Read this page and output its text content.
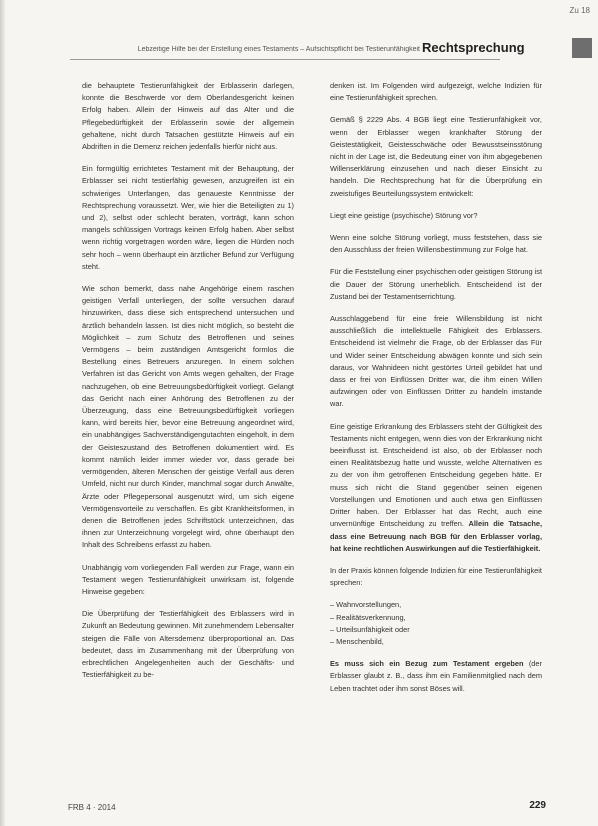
Zu 18
Lebzeitige Hilfe bei der Erstellung eines Testaments – Aufsichtspflicht bei Testierunfähigkeit Rechtsprechung

die behauptete Testierunfähigkeit der Erblasserin darlegen, konnte die Beschwerde vor dem Oberlandesgericht keinen Erfolg haben. Allein der Hinweis auf das Alter und die Pflegebedürftigkeit der Erblasserin sowie der allgemein gehaltene, nicht durch Tatsachen gestützte Hinweis auf ein Abdriften in die Demenz reichen jedenfalls hierfür nicht aus.

Ein formgültig errichtetes Testament mit der Behauptung, der Erblasser sei nicht testierfähig gewesen, anzugreifen ist ein schwieriges Unterfangen, das genaueste Kenntnisse der Rechtsprechung voraussetzt. Wer, wie hier die Beteiligten zu 1) und 2), selbst oder schlecht beraten, vorträgt, kann schon mangels schlüssigen Vortrags keinen Erfolg haben. Aber selbst wenn richtig vorgetragen worden wäre, liegen die Hürden noch sehr hoch – wenn überhaupt ein ärztlicher Befund zur Verfügung steht.

Wie schon bemerkt, dass nahe Angehörige einem raschen geistigen Verfall unterliegen, der sollte versuchen darauf hinzuwirken, dass diese sich entsprechend untersuchen und ärztlich behandeln lassen. Ist dies nicht möglich, so besteht die Möglichkeit – zum Schutz des Betroffenen und seines Vermögens – beim zuständigen Amtsgericht formlos die Bestellung eines Betreuers anzuregen. In einem solchen Verfahren ist das Gericht von Amts wegen gehalten, der Frage nachzugehen, ob eine Betreuungsbedürftigkeit vorliegt. Gelangt das Gericht nach einer Anhörung des Betroffenen zu der Überzeugung, dass eine Betreuungsbedürftigkeit vorliegen kann, wird bereits hier, bevor eine Betreuung angeordnet wird, ein unabhängiges Sachverständigengutachten eingeholt, in dem der Geisteszustand des Betroffenen dokumentiert wird. Es kommt nämlich leider immer wieder vor, dass gerade bei vermögenden, älteren Menschen der geistige Verfall aus deren Umfeld, nicht nur durch Kinder, manchmal sogar durch Anwälte, Ärzte oder Pflegepersonal ausgenutzt wird, um sich eigene Vermögensvorteile zu verschaffen. Es gibt Krankheitsformen, in denen die Betroffenen jedes Schriftstück unterzeichnen, das ihnen zur Unterzeichnung vorgelegt wird, ohne überhaupt den Inhalt des Schreibens erfasst zu haben.

Unabhängig vom vorliegenden Fall werden zur Frage, wann ein Testament wegen Testierunfähigkeit unwirksam ist, folgende Hinweise gegeben:

Die Überprüfung der Testierfähigkeit des Erblassers wird in Zukunft an Bedeutung gewinnen. Mit zunehmendem Lebensalter steigen die Fälle von Altersdemenz überproportional an. Das bedeutet, dass im Zusammenhang mit der Überprüfung von erbrechtlichen Angelegenheiten auch der Geschäfts- und Testierfähigkeit zu be-

denken ist. Im Folgenden wird aufgezeigt, welche Indizien für eine Testierunfähigkeit sprechen.

Gemäß § 2229 Abs. 4 BGB liegt eine Testierunfähigkeit vor, wenn der Erblasser wegen krankhafter Störung der Geistestätigkeit, Geistesschwäche oder Bewusstseinsstörung nicht in der Lage ist, die Bedeutung einer von ihm abgegebenen Willenserklärung einzusehen und nach dieser Einsicht zu handeln. Die Rechtsprechung hat für die Überprüfung ein zweistufiges Beurteilungssystem entwickelt:

Liegt eine geistige (psychische) Störung vor?

Wenn eine solche Störung vorliegt, muss feststehen, dass sie den Ausschluss der freien Willensbestimmung zur Folge hat.

Für die Feststellung einer psychischen oder geistigen Störung ist die Dauer der Störung unerheblich. Entscheidend ist der Zustand bei der Testamentserrichtung.

Ausschlaggebend für eine freie Willensbildung ist nicht ausschließlich die intellektuelle Fähigkeit des Erblassers. Entscheidend ist vielmehr die Frage, ob der Erblasser das Für und Wider seiner Entscheidung abwägen konnte und sich sein daraus, vor Wahnideen nicht gestörtes Urteil gebildet hat und dass er frei von Einflüssen Dritter war, die ihm einen Willen aufzwingen oder von Einflüssen Dritter zu handeln imstande war.

Eine geistige Erkrankung des Erblassers steht der Gültigkeit des Testaments nicht entgegen, wenn dies von der Erkrankung nicht beeinflusst ist. Entscheidend ist also, ob der Erblasser noch einen Realitätsbezug hatte und wusste, welche Alternativen es zu der von ihm getroffenen Entscheidung gegeben hätte. Er muss sich nicht die Stand gegenüber seinen eigenen Vorstellungen und Emotionen und auch etwa gen Einflüssen Dritter haben. Der Erblasser hat das Recht, auch eine unvernünftige Entscheidung zu treffen. Allein die Tatsache, dass eine Betreuung nach BGB für den Erblasser vorlag, hat keine rechtlichen Auswirkungen auf die Testierfähigkeit.

In der Praxis können folgende Indizien für eine Testierunfähigkeit sprechen:

– Wahnvorstellungen,
– Realitätsverkennung,
– Urteilsunfähigkeit oder
– Menschenbild,

Es muss sich ein Bezug zum Testament ergeben (der Erblasser glaubt z. B., dass ihm ein Familienmitglied nach dem Leben trachtet oder ihm sonst Böses will.

FRB 4 · 2014	229
